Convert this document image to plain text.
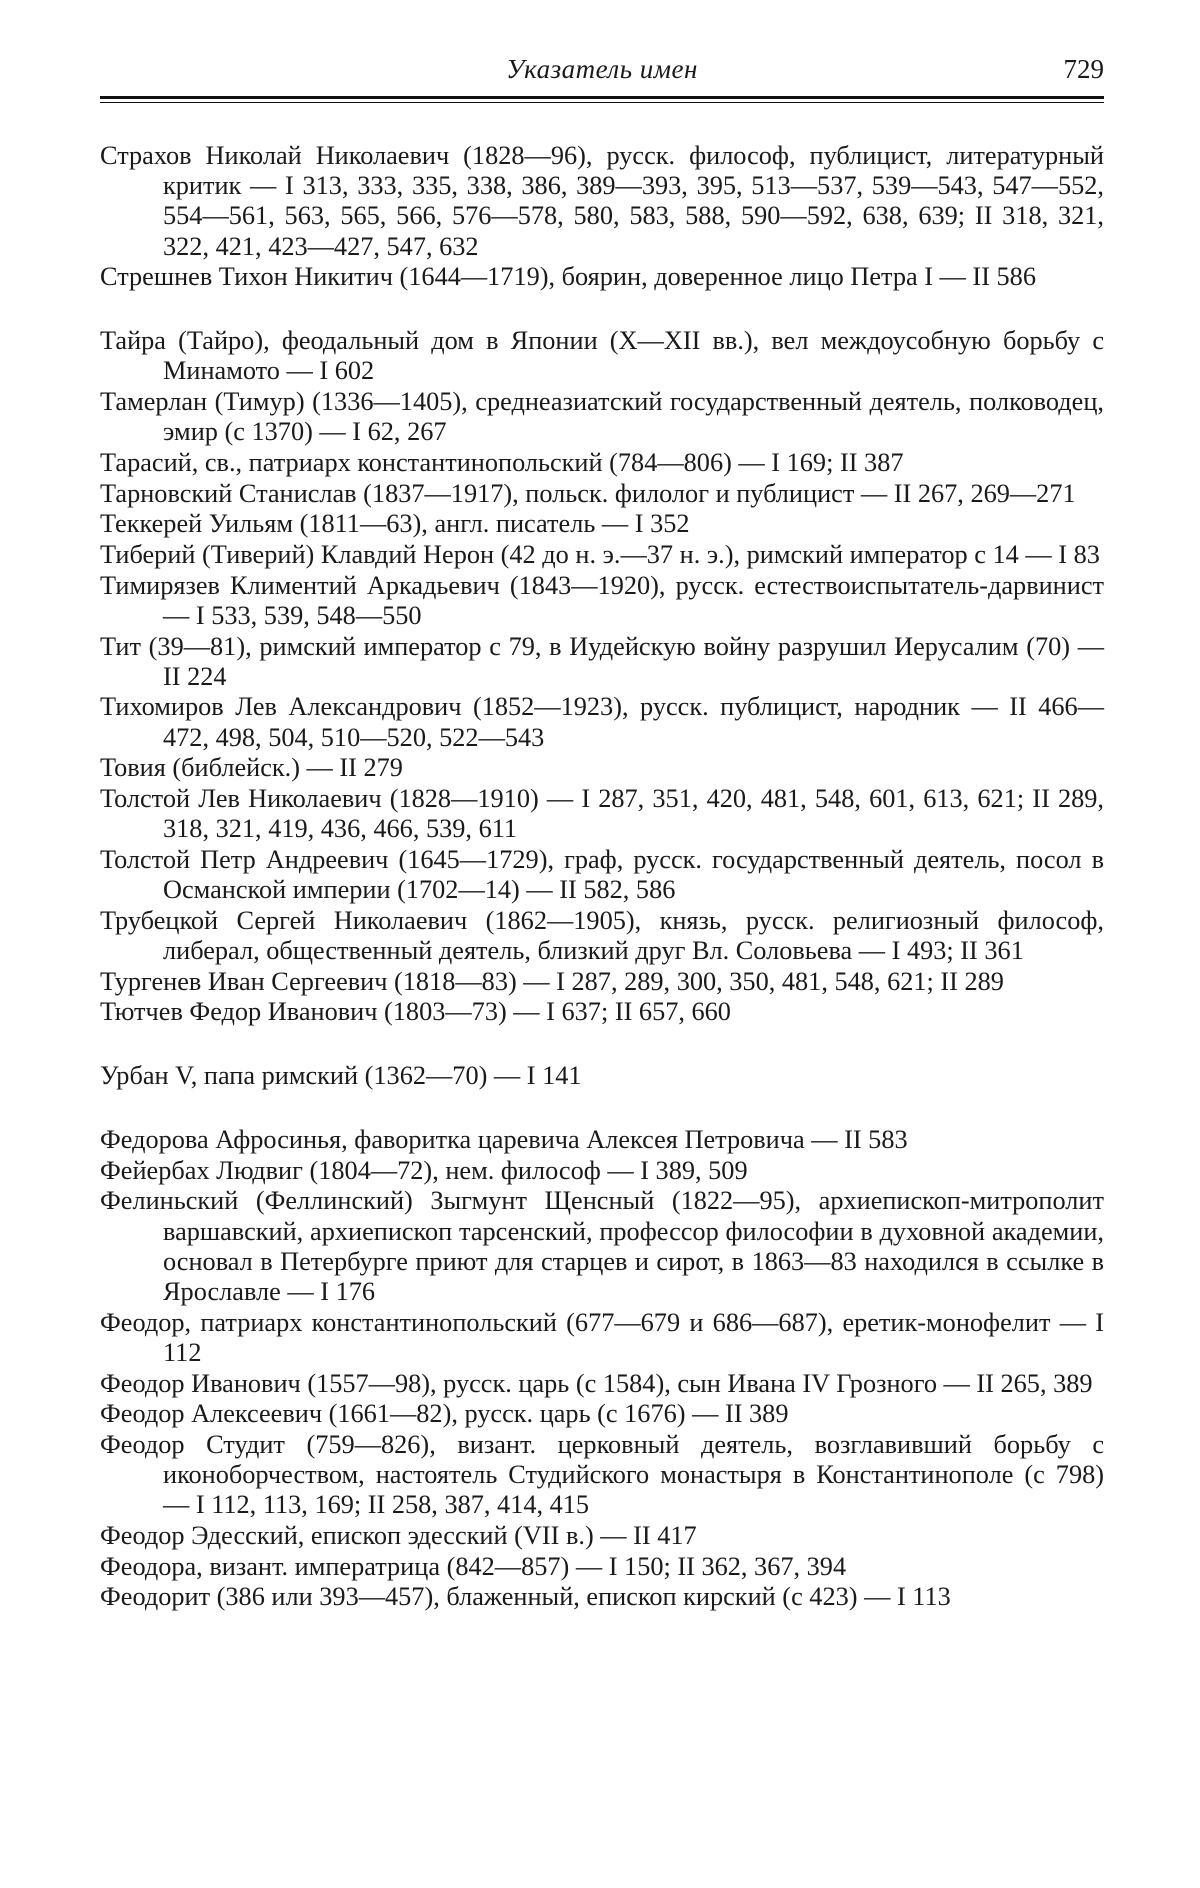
Указатель имен	729

Страхов Николай Николаевич (1828—96), русск. философ, публицист, литературный критик — I 313, 333, 335, 338, 386, 389—393, 395, 513—537, 539—543, 547—552, 554—561, 563, 565, 566, 576—578, 580, 583, 588, 590—592, 638, 639; II 318, 321, 322, 421, 423—427, 547, 632

Стрешнев Тихон Никитич (1644—1719), боярин, доверенное лицо Петра I — II 586

Тайра (Тайро), феодальный дом в Японии (X—XII вв.), вел междоусобную борьбу с Минамото — I 602

Тамерлан (Тимур) (1336—1405), среднеазиатский государственный деятель, полководец, эмир (с 1370) — I 62, 267

Тарасий, св., патриарх константинопольский (784—806) — I 169; II 387

Тарновский Станислав (1837—1917), польск. филолог и публицист — II 267, 269—271

Теккерей Уильям (1811—63), англ. писатель — I 352

Тиберий (Тиверий) Клавдий Нерон (42 до н. э.—37 н. э.), римский император с 14 — I 83

Тимирязев Климентий Аркадьевич (1843—1920), русск. естествоиспытатель-дарвинист — I 533, 539, 548—550

Тит (39—81), римский император с 79, в Иудейскую войну разрушил Иерусалим (70) — II 224

Тихомиров Лев Александрович (1852—1923), русск. публицист, народник — II 466—472, 498, 504, 510—520, 522—543

Товия (библейск.) — II 279

Толстой Лев Николаевич (1828—1910) — I 287, 351, 420, 481, 548, 601, 613, 621; II 289, 318, 321, 419, 436, 466, 539, 611

Толстой Петр Андреевич (1645—1729), граф, русск. государственный деятель, посол в Османской империи (1702—14) — II 582, 586

Трубецкой Сергей Николаевич (1862—1905), князь, русск. религиозный философ, либерал, общественный деятель, близкий друг Вл. Соловьева — I 493; II 361

Тургенев Иван Сергеевич (1818—83) — I 287, 289, 300, 350, 481, 548, 621; II 289

Тютчев Федор Иванович (1803—73) — I 637; II 657, 660

Урбан V, папа римский (1362—70) — I 141

Федорова Афросинья, фаворитка царевича Алексея Петровича — II 583

Фейербах Людвиг (1804—72), нем. философ — I 389, 509

Фелиньский (Феллинский) Зыгмунт Щенсный (1822—95), архиепископ-митрополит варшавский, архиепископ тарсенский, профессор философии в духовной академии, основал в Петербурге приют для старцев и сирот, в 1863—83 находился в ссылке в Ярославле — I 176

Феодор, патриарх константинопольский (677—679 и 686—687), еретик-монофелит — I 112

Феодор Иванович (1557—98), русск. царь (с 1584), сын Ивана IV Грозного — II 265, 389

Феодор Алексеевич (1661—82), русск. царь (с 1676) — II 389

Феодор Студит (759—826), визант. церковный деятель, возглавивший борьбу с иконоборчеством, настоятель Студийского монастыря в Константинополе (с 798) — I 112, 113, 169; II 258, 387, 414, 415

Феодор Эдесский, епископ эдесский (VII в.) — II 417

Феодора, визант. императрица (842—857) — I 150; II 362, 367, 394

Феодорит (386 или 393—457), блаженный, епископ кирский (с 423) — I 113
